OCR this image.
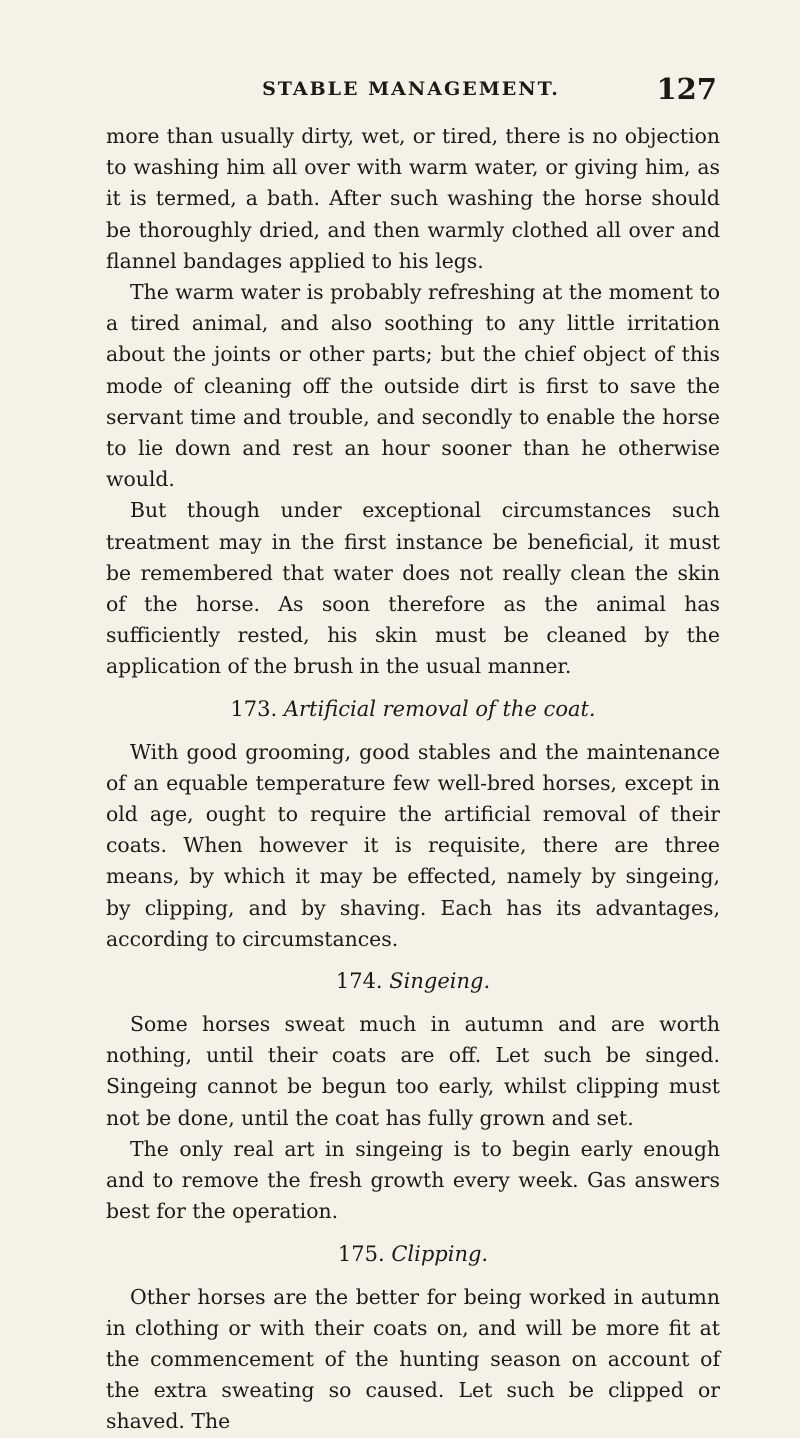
STABLE MANAGEMENT.	127

more than usually dirty, wet, or tired, there is no objection to washing him all over with warm water, or giving him, as it is termed, a bath. After such washing the horse should be thoroughly dried, and then warmly clothed all over and flannel bandages applied to his legs.

The warm water is probably refreshing at the moment to a tired animal, and also soothing to any little irritation about the joints or other parts; but the chief object of this mode of cleaning off the outside dirt is first to save the servant time and trouble, and secondly to enable the horse to lie down and rest an hour sooner than he otherwise would.

But though under exceptional circumstances such treatment may in the first instance be beneficial, it must be remembered that water does not really clean the skin of the horse. As soon therefore as the animal has sufficiently rested, his skin must be cleaned by the application of the brush in the usual manner.

173. Artificial removal of the coat.

With good grooming, good stables and the maintenance of an equable temperature few well-bred horses, except in old age, ought to require the artificial removal of their coats. When however it is requisite, there are three means, by which it may be effected, namely by singeing, by clipping, and by shaving. Each has its advantages, according to circumstances.

174. Singeing.

Some horses sweat much in autumn and are worth nothing, until their coats are off. Let such be singed. Singeing cannot be begun too early, whilst clipping must not be done, until the coat has fully grown and set.

The only real art in singeing is to begin early enough and to remove the fresh growth every week. Gas answers best for the operation.

175. Clipping.

Other horses are the better for being worked in autumn in clothing or with their coats on, and will be more fit at the commencement of the hunting season on account of the extra sweating so caused. Let such be clipped or shaved. The
